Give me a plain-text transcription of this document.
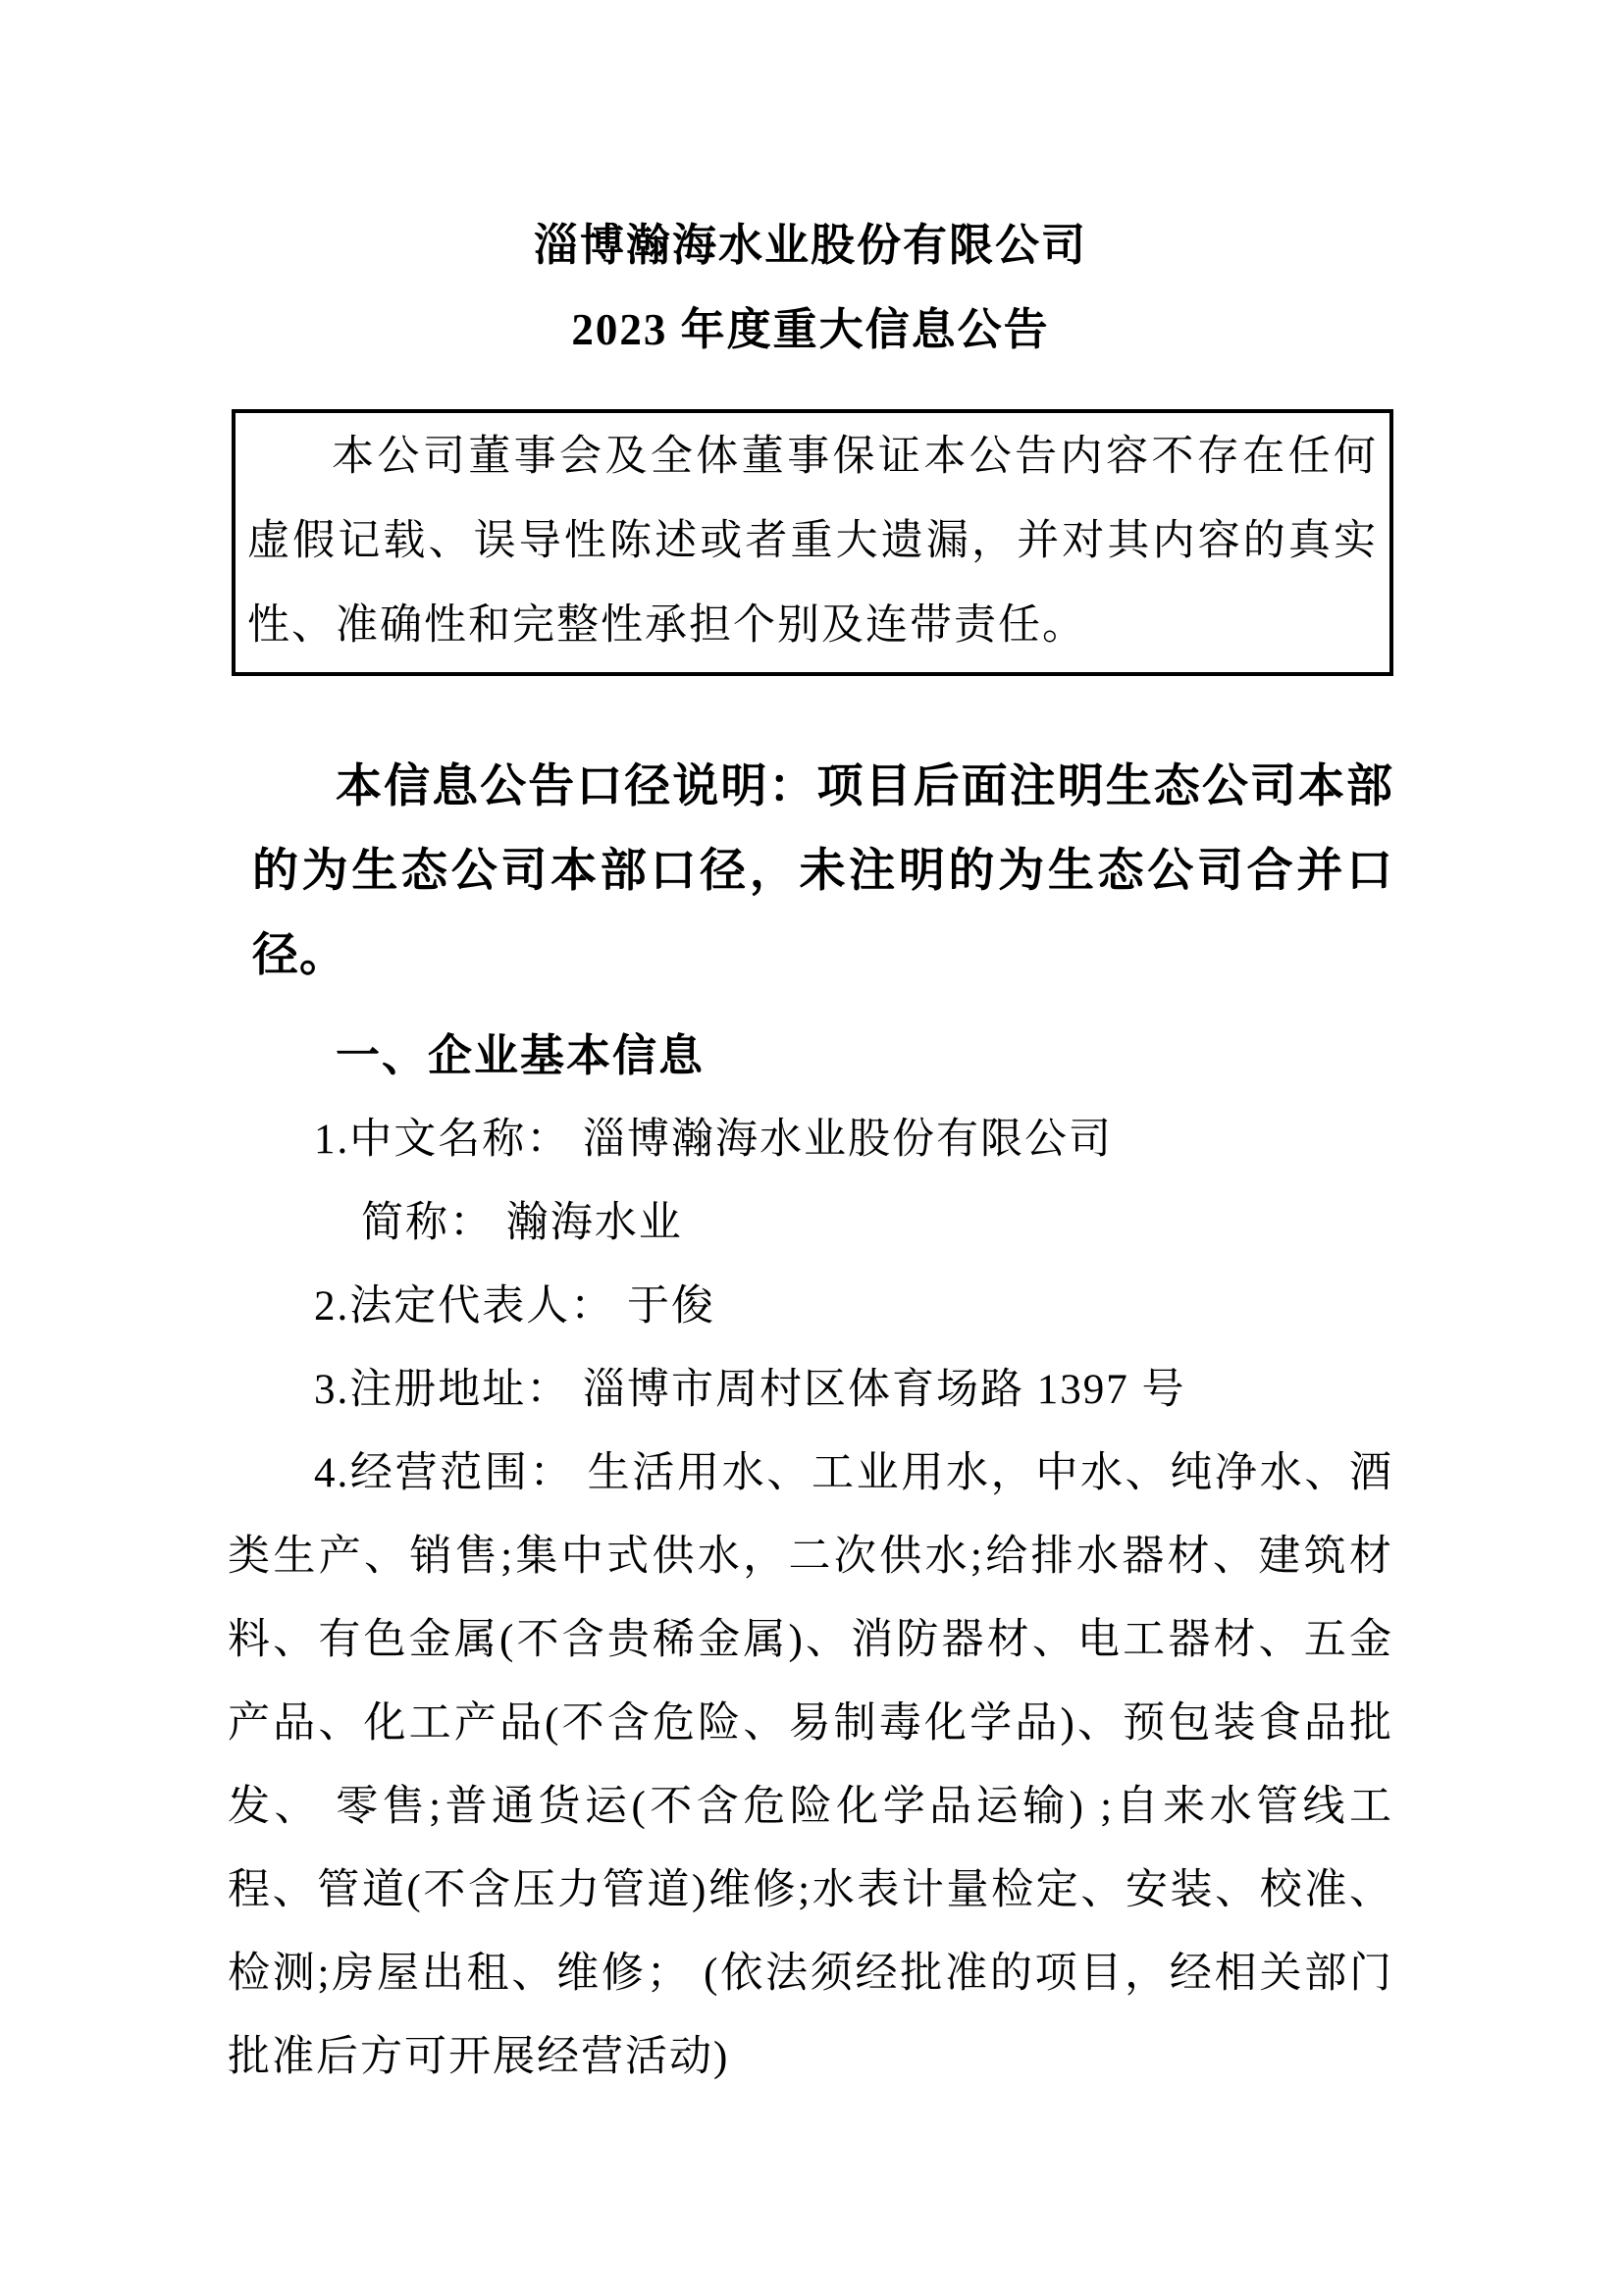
淄博瀚海水业股份有限公司
2023 年度重大信息公告

本公司董事会及全体董事保证本公告内容不存在任何虚假记载、误导性陈述或者重大遗漏，并对其内容的真实性、准确性和完整性承担个别及连带责任。

本信息公告口径说明：项目后面注明生态公司本部的为生态公司本部口径，未注明的为生态公司合并口径。

一、企业基本信息

1.中文名称： 淄博瀚海水业股份有限公司

简称： 瀚海水业

2.法定代表人： 于俊

3.注册地址： 淄博市周村区体育场路 1397 号

4.经营范围： 生活用水、工业用水，中水、纯净水、酒类生产、销售;集中式供水，二次供水;给排水器材、建筑材料、有色金属(不含贵稀金属)、消防器材、电工器材、五金产品、化工产品(不含危险、易制毒化学品)、预包装食品批发、 零售;普通货运(不含危险化学品运输) ;自来水管线工程、管道(不含压力管道)维修;水表计量检定、安装、校准、检测;房屋出租、维修； (依法须经批准的项目，经相关部门批准后方可开展经营活动)
